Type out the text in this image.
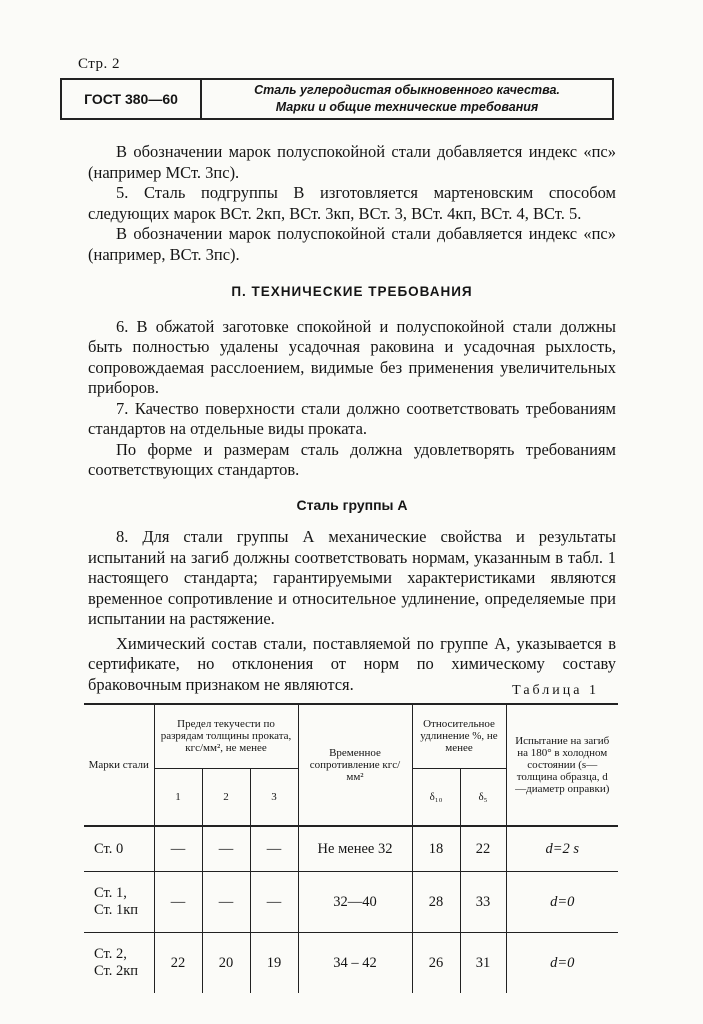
Стр. 2
ГОСТ 380—60
Сталь углеродистая обыкновенного качества.
Марки и общие технические требования

В обозначении марок полуспокойной стали добавляется индекс «пс» (например МСт. 3пс).

5. Сталь подгруппы В изготовляется мартеновским способом следующих марок ВСт. 2кп, ВСт. 3кп, ВСт. 3, ВСт. 4кп, ВСт. 4, ВСт. 5.

В обозначении марок полуспокойной стали добавляется индекс «пс» (например, ВСт. 3пс).

П. ТЕХНИЧЕСКИЕ ТРЕБОВАНИЯ

6. В обжатой заготовке спокойной и полуспокойной стали должны быть полностью удалены усадочная раковина и усадочная рыхлость, сопровождаемая расслоением, видимые без применения увеличительных приборов.

7. Качество поверхности стали должно соответствовать требованиям стандартов на отдельные виды проката.

По форме и размерам сталь должна удовлетворять требованиям соответствующих стандартов.

Сталь группы А

8. Для стали группы А механические свойства и результаты испытаний на загиб должны соответствовать нормам, указанным в табл. 1 настоящего стандарта; гарантируемыми характеристиками являются временное сопротивление и относительное удлинение, определяемые при испытании на растяжение.

Химический состав стали, поставляемой по группе А, указывается в сертификате, но отклонения от норм по химическому составу браковочным признаком не являются.	Таблица 1
Марки стали	Предел текучести по разрядам толщины проката, кгс/мм², не менее			Временное сопротивление кгс/мм²	Относительное удлинение %, не менее		Испытание на загиб на 180° в холодном состоянии (s—толщина образца, d—диаметр оправки)
	1	2	3		δ₁₀	δ₅	

Ст. 0	—	—	—	Не менее 32	18	22	d=2 s

Ст. 1,
Ст. 1кп	—	—	—	32—40	28	33	d=0

Ст. 2,
Ст. 2кп	22	20	19	34 – 42	26	31	d=0
